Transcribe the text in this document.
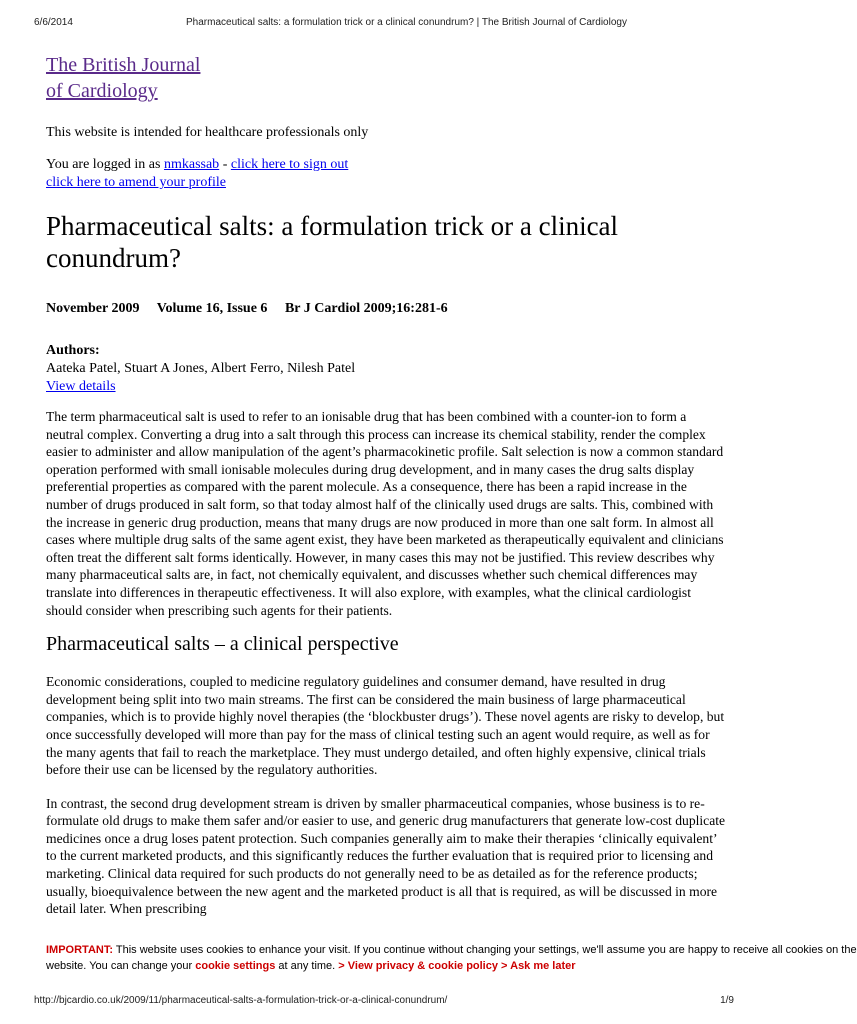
6/6/2014	Pharmaceutical salts: a formulation trick or a clinical conundrum? | The British Journal of Cardiology
The British Journal
of Cardiology

This website is intended for healthcare professionals only

You are logged in as nmkassab - click here to sign out

click here to amend your profile

Pharmaceutical salts: a formulation trick or a clinical conundrum?
November 2009 Volume 16, Issue 6 Br J Cardiol 2009;16:281-6

Authors:

Aateka Patel, Stuart A Jones, Albert Ferro, Nilesh Patel

View details

The term pharmaceutical salt is used to refer to an ionisable drug that has been combined with a counter-ion to form a neutral complex. Converting a drug into a salt through this process can increase its chemical stability, render the complex easier to administer and allow manipulation of the agent’s pharmacokinetic profile. Salt selection is now a common standard operation performed with small ionisable molecules during drug development, and in many cases the drug salts display preferential properties as compared with the parent molecule. As a consequence, there has been a rapid increase in the number of drugs produced in salt form, so that today almost half of the clinically used drugs are salts. This, combined with the increase in generic drug production, means that many drugs are now produced in more than one salt form. In almost all cases where multiple drug salts of the same agent exist, they have been marketed as therapeutically equivalent and clinicians often treat the different salt forms identically. However, in many cases this may not be justified. This review describes why many pharmaceutical salts are, in fact, not chemically equivalent, and discusses whether such chemical differences may translate into differences in therapeutic effectiveness. It will also explore, with examples, what the clinical cardiologist should consider when prescribing such agents for their patients.

Pharmaceutical salts – a clinical perspective

Economic considerations, coupled to medicine regulatory guidelines and consumer demand, have resulted in drug development being split into two main streams. The first can be considered the main business of large pharmaceutical companies, which is to provide highly novel therapies (the ‘blockbuster drugs’). These novel agents are risky to develop, but once successfully developed will more than pay for the mass of clinical testing such an agent would require, as well as for the many agents that fail to reach the marketplace. They must undergo detailed, and often highly expensive, clinical trials before their use can be licensed by the regulatory authorities.

In contrast, the second drug development stream is driven by smaller pharmaceutical companies, whose business is to re-formulate old drugs to make them safer and/or easier to use, and generic drug manufacturers that generate low-cost duplicate medicines once a drug loses patent protection. Such companies generally aim to make their therapies ‘clinically equivalent’ to the current marketed products, and this significantly reduces the further evaluation that is required prior to licensing and marketing. Clinical data required for such products do not generally need to be as detailed as for the reference products; usually, bioequivalence between the new agent and the marketed product is all that is required, as will be discussed in more detail later. When prescribing

IMPORTANT: This website uses cookies to enhance your visit. If you continue without changing your settings, we'll assume you are happy to receive all cookies on the
website. You can change your cookie settings at any time. > View privacy & cookie policy > Ask me later
http://bjcardio.co.uk/2009/11/pharmaceutical-salts-a-formulation-trick-or-a-clinical-conundrum/	1/9
